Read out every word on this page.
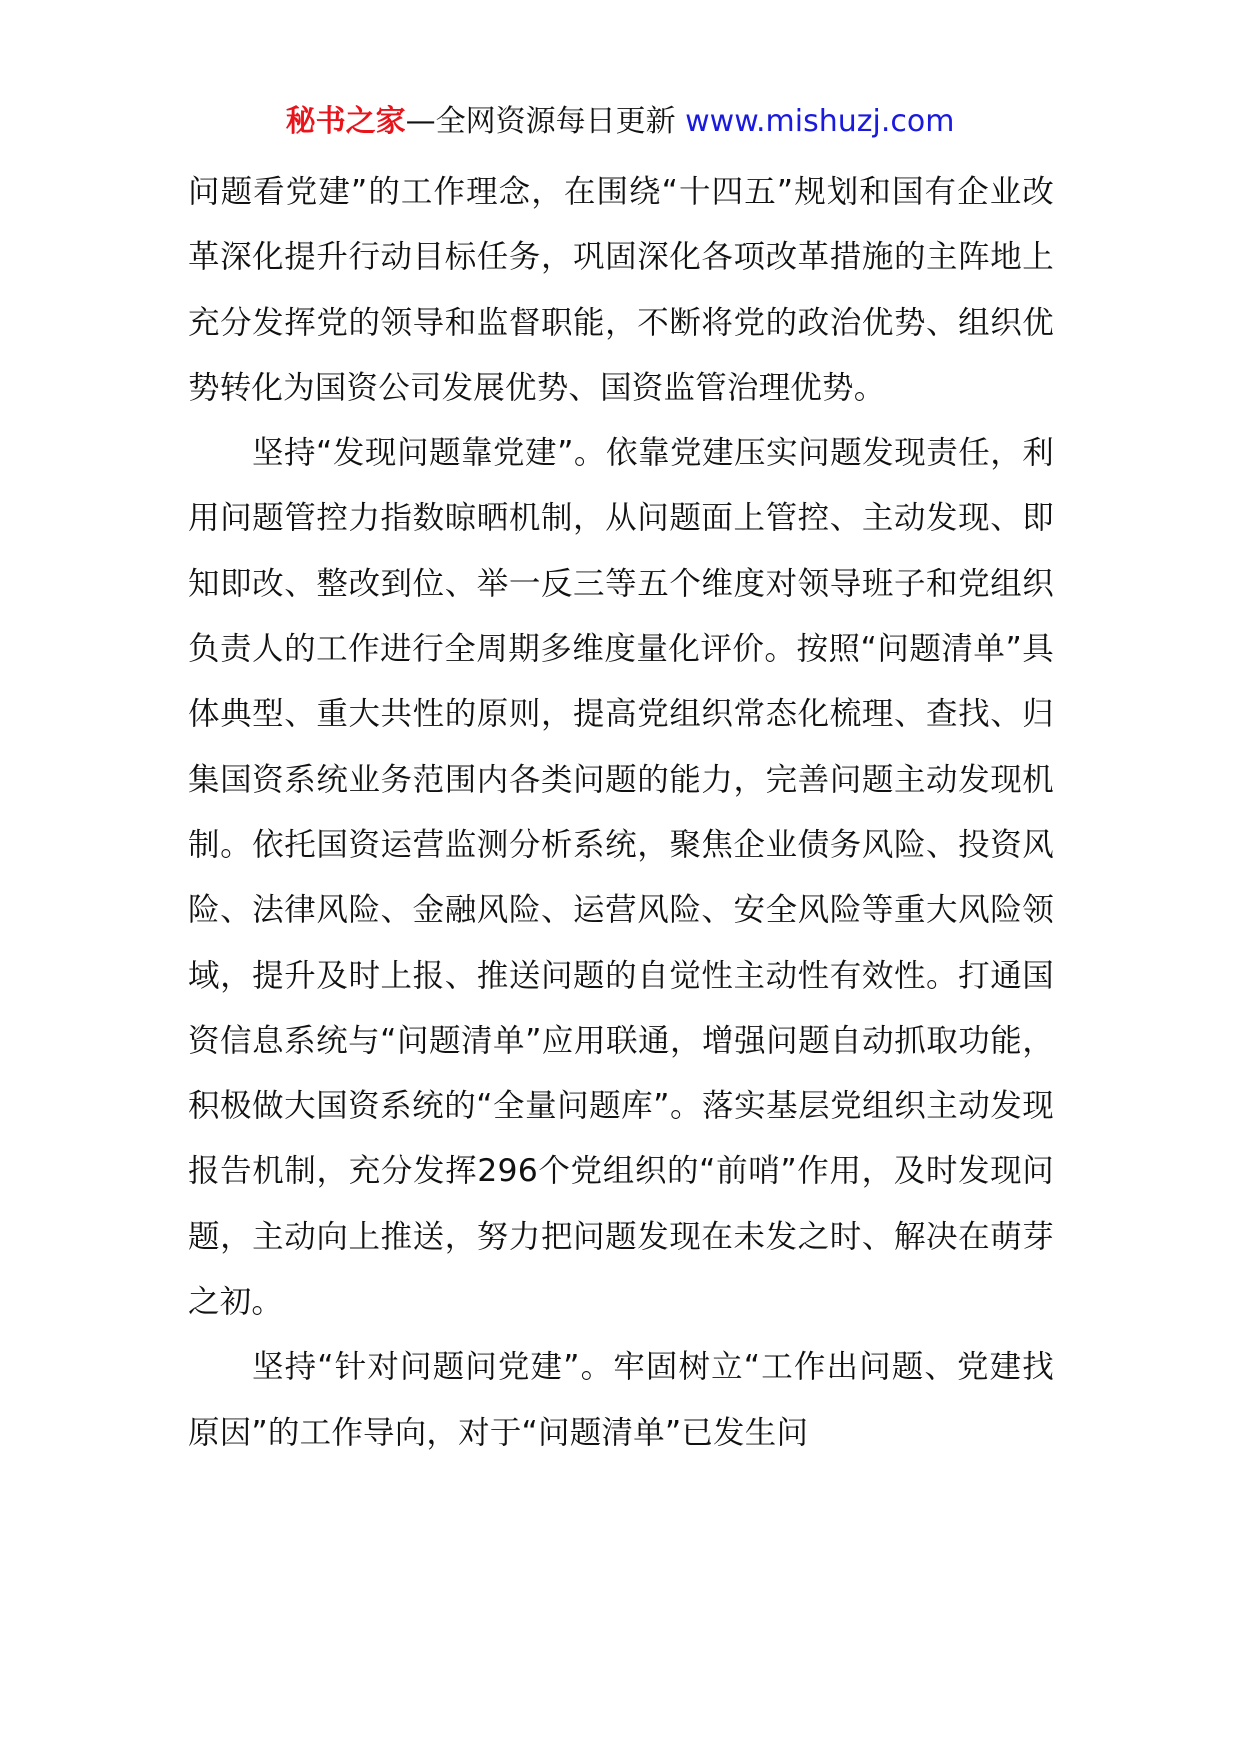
秘书之家—全网资源每日更新 www.mishuzj.com

问题看党建”的工作理念，在围绕“十四五”规划和国有企业改革深化提升行动目标任务，巩固深化各项改革措施的主阵地上充分发挥党的领导和监督职能，不断将党的政治优势、组织优势转化为国资公司发展优势、国资监管治理优势。

坚持“发现问题靠党建”。依靠党建压实问题发现责任，利用问题管控力指数晾晒机制，从问题面上管控、主动发现、即知即改、整改到位、举一反三等五个维度对领导班子和党组织负责人的工作进行全周期多维度量化评价。按照“问题清单”具体典型、重大共性的原则，提高党组织常态化梳理、查找、归集国资系统业务范围内各类问题的能力，完善问题主动发现机制。依托国资运营监测分析系统，聚焦企业债务风险、投资风险、法律风险、金融风险、运营风险、安全风险等重大风险领域，提升及时上报、推送问题的自觉性主动性有效性。打通国资信息系统与“问题清单”应用联通，增强问题自动抓取功能，积极做大国资系统的“全量问题库”。落实基层党组织主动发现报告机制，充分发挥296个党组织的“前哨”作用，及时发现问题，主动向上推送，努力把问题发现在未发之时、解决在萌芽之初。

坚持“针对问题问党建”。牢固树立“工作出问题、党建找原因”的工作导向，对于“问题清单”已发生问
